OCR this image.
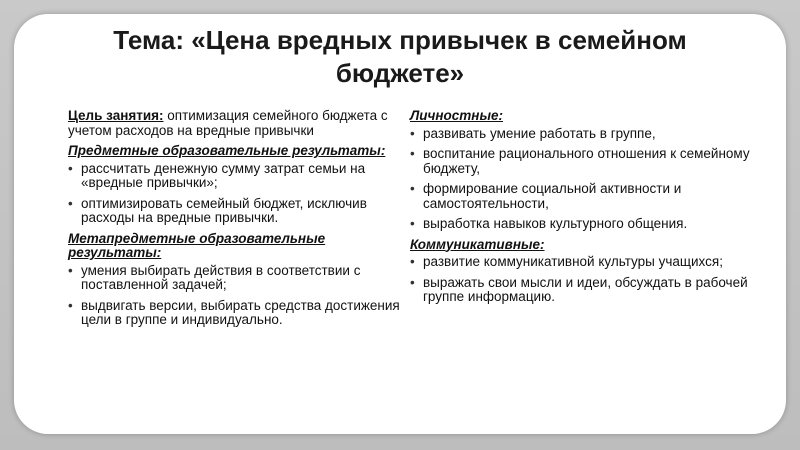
Тема: «Цена вредных привычек в семейном бюджете»

Цель занятия: оптимизация семейного бюджета с учетом расходов на вредные привычки

Предметные образовательные результаты:

• рассчитать денежную сумму затрат семьи на «вредные привычки»;
• оптимизировать семейный бюджет, исключив расходы на вредные привычки.

Метапредметные образовательные результаты:

• умения выбирать действия в соответствии с поставленной задачей;
• выдвигать версии, выбирать средства достижения цели в группе и индивидуально.

Личностные:

• развивать умение работать в группе,
• воспитание рационального отношения к семейному бюджету,
• формирование социальной активности и самостоятельности,
• выработка навыков культурного общения.

Коммуникативные:

• развитие коммуникативной культуры учащихся;
• выражать свои мысли и идеи, обсуждать в рабочей группе информацию.
